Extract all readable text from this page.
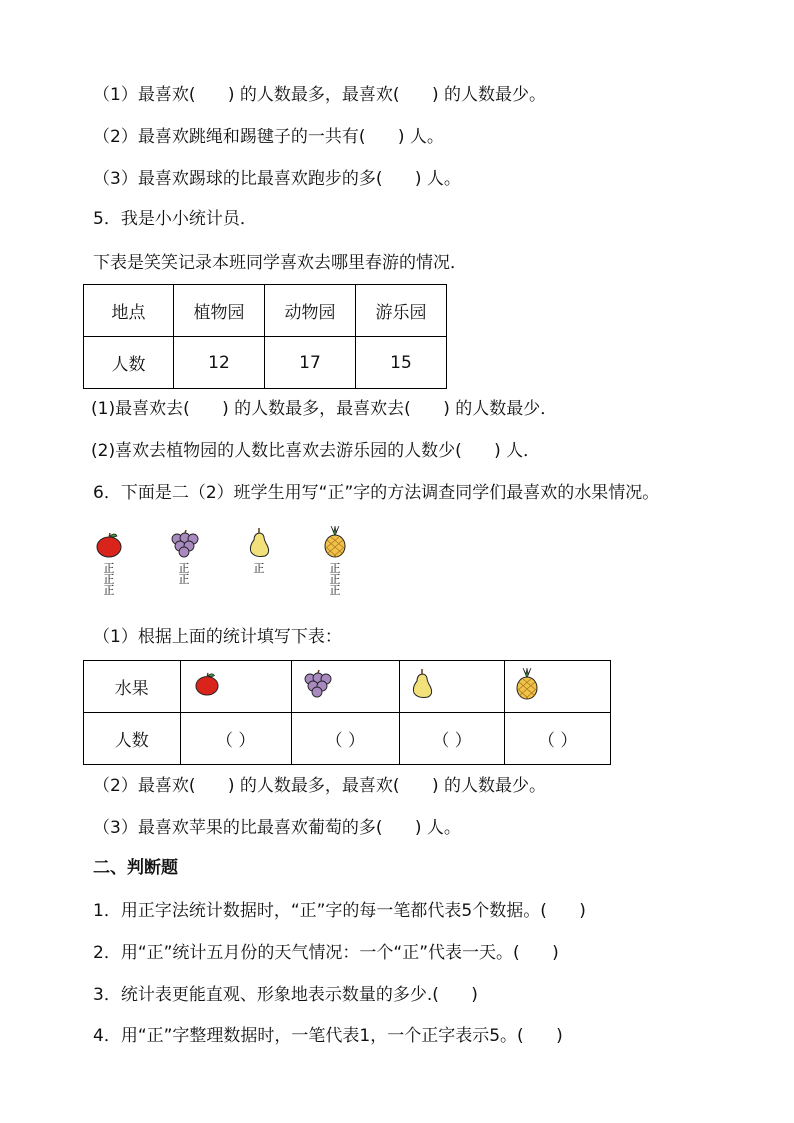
（1）最喜欢(      ) 的人数最多，最喜欢(      ) 的人数最少。
（2）最喜欢跳绳和踢毽子的一共有(      ) 人。
（3）最喜欢踢球的比最喜欢跑步的多(      ) 人。
5．我是小小统计员．
下表是笑笑记录本班同学喜欢去哪里春游的情况．
地点	植物园	动物园	游乐园
人数	12	17	15
(1)最喜欢去(      ) 的人数最多，最喜欢去(      ) 的人数最少．
(2)喜欢去植物园的人数比喜欢去游乐园的人数少(      ) 人．
6．下面是二（2）班学生用写“正”字的方法调查同学们最喜欢的水果情况。
正
正
正
正
正
正	正
正
正
（1）根据上面的统计填写下表：
水果				
人数	（ ）	（ ）	（ ）	（ ）
（2）最喜欢(      ) 的人数最多，最喜欢(      ) 的人数最少。
（3）最喜欢苹果的比最喜欢葡萄的多(      ) 人。
二、判断题
1．用正字法统计数据时，“正”字的每一笔都代表5个数据。(      )
2．用“正”统计五月份的天气情况：一个“正”代表一天。(      )
3．统计表更能直观、形象地表示数量的多少.(      )
4．用“正”字整理数据时，一笔代表1，一个正字表示5。(      )
